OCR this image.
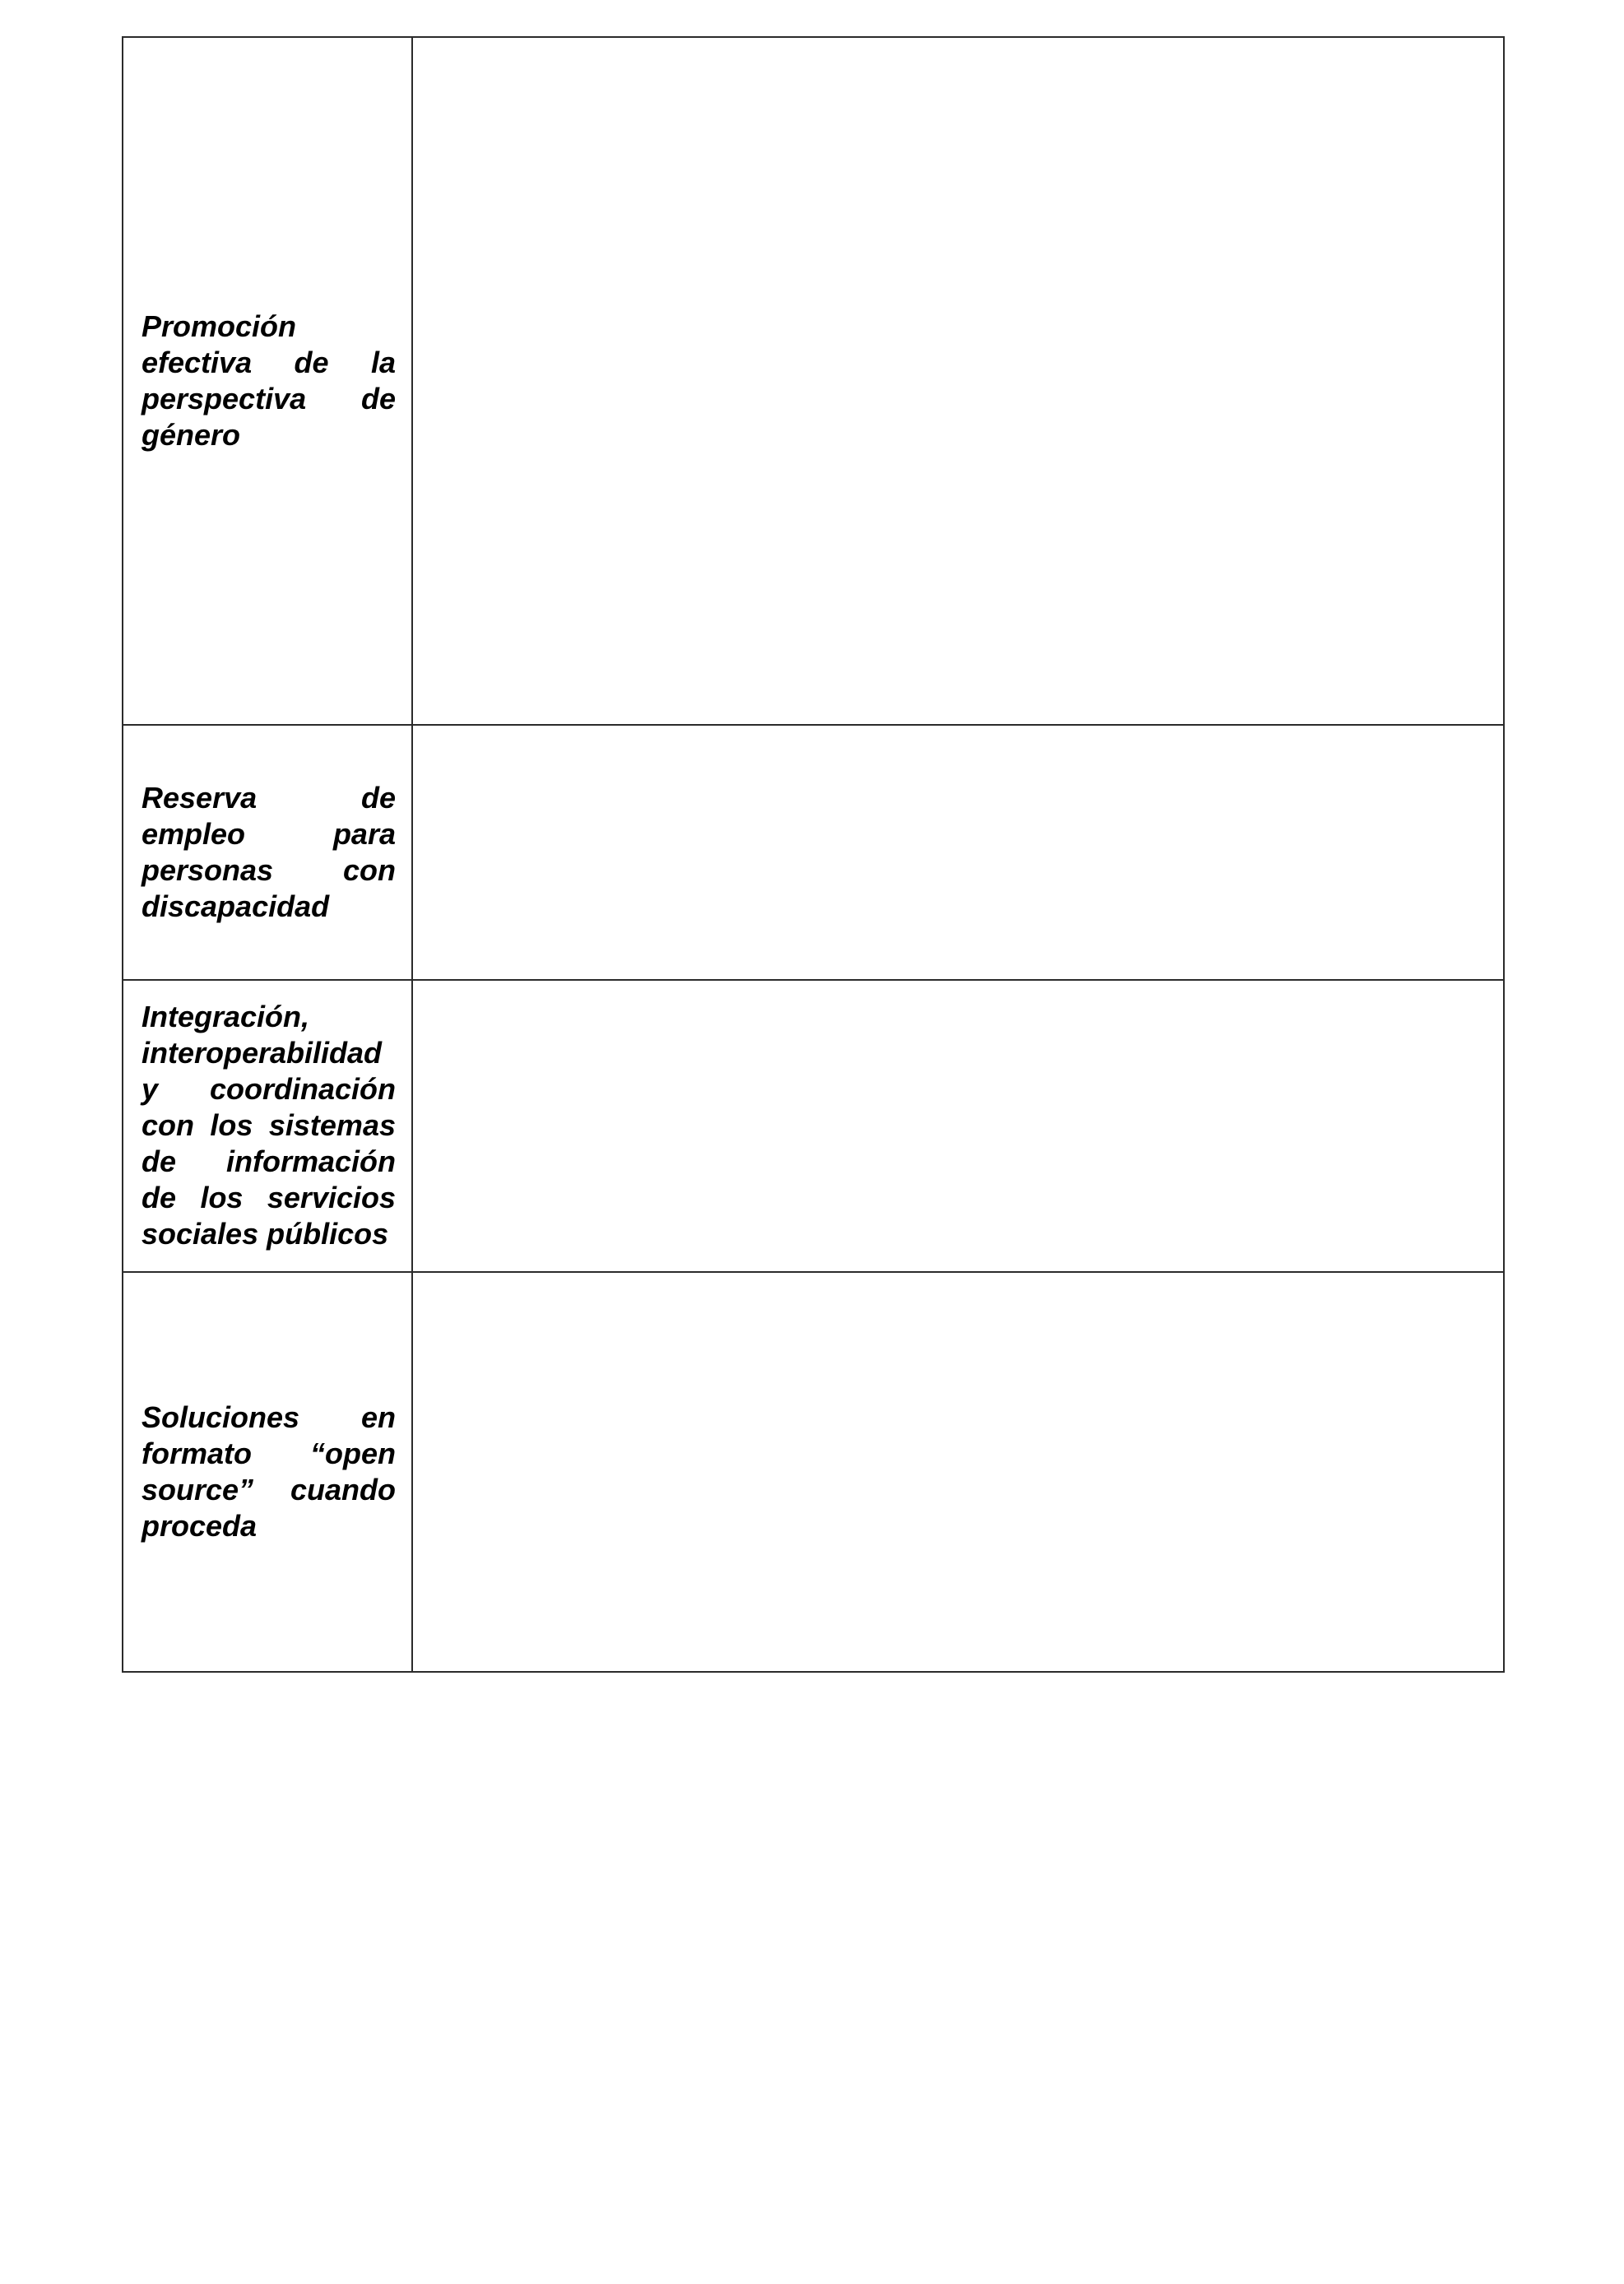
Promoción efectiva de la perspectiva de género	

Reserva de empleo para personas con discapacidad	

Integración, interoperabilidad y coordinación con los sistemas de información de los servicios sociales públicos	

Soluciones en formato “open source” cuando proceda	
